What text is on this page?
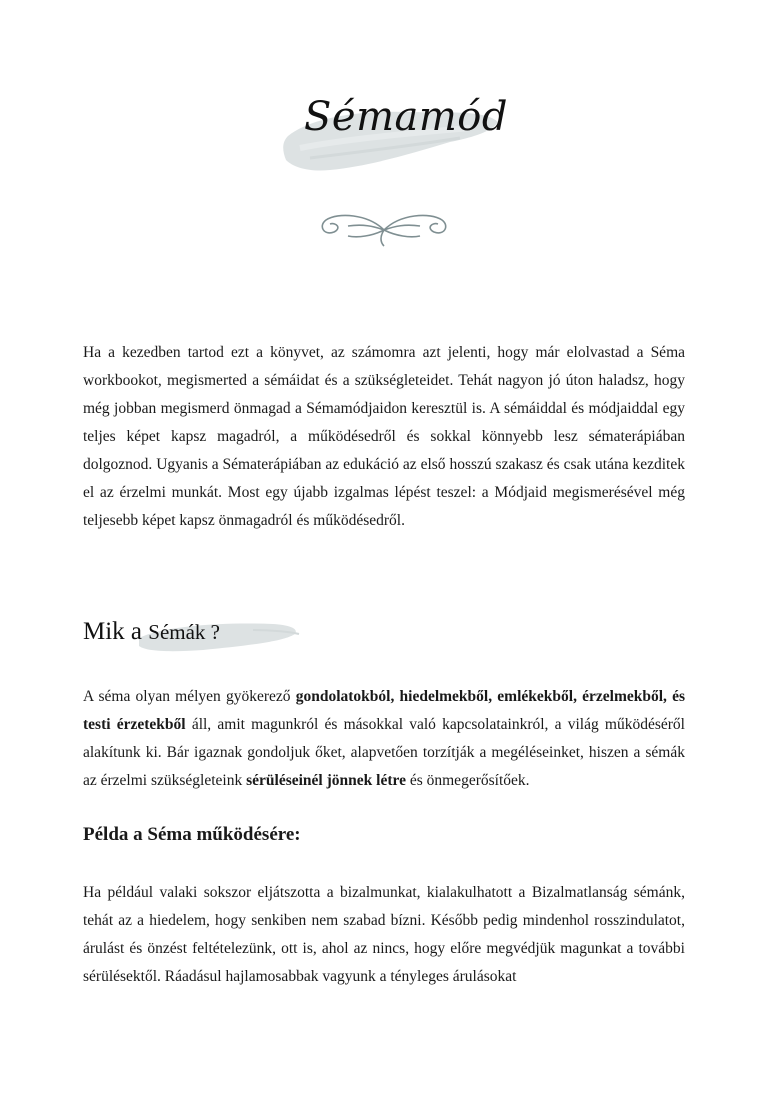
Sémamód

Ha a kezedben tartod ezt a könyvet, az számomra azt jelenti, hogy már elolvastad a Séma workbookot, megismerted a sémáidat és a szükségleteidet. Tehát nagyon jó úton haladsz, hogy még jobban megismerd önmagad a Sémamódjaidon keresztül is. A sémáiddal és módjaiddal egy teljes képet kapsz magadról, a működésedről és sokkal könnyebb lesz sématerápiában dolgoznod. Ugyanis a Sématerápiában az edukáció az első hosszú szakasz és csak utána kezditek el az érzelmi munkát. Most egy újabb izgalmas lépést teszel: a Módjaid megismerésével még teljesebb képet kapsz önmagadról és működésedről.

Mik a Sémák ?

A séma olyan mélyen gyökerező gondolatokból, hiedelmekből, emlékekből, érzelmekből, és testi érzetekből áll, amit magunkról és másokkal való kapcsolatainkról, a világ működéséről alakítunk ki. Bár igaznak gondoljuk őket, alapvetően torzítják a megéléseinket, hiszen a sémák az érzelmi szükségleteink sérüléseinél jönnek létre és önmegerősítőek.

Példa a Séma működésére:

Ha például valaki sokszor eljátszotta a bizalmunkat, kialakulhatott a Bizalmatlanság sémánk, tehát az a hiedelem, hogy senkiben nem szabad bízni. Később pedig mindenhol rosszindulatot, árulást és önzést feltételezünk, ott is, ahol az nincs, hogy előre megvédjük magunkat a további sérülésektől. Ráadásul hajlamosabbak vagyunk a tényleges árulásokat
